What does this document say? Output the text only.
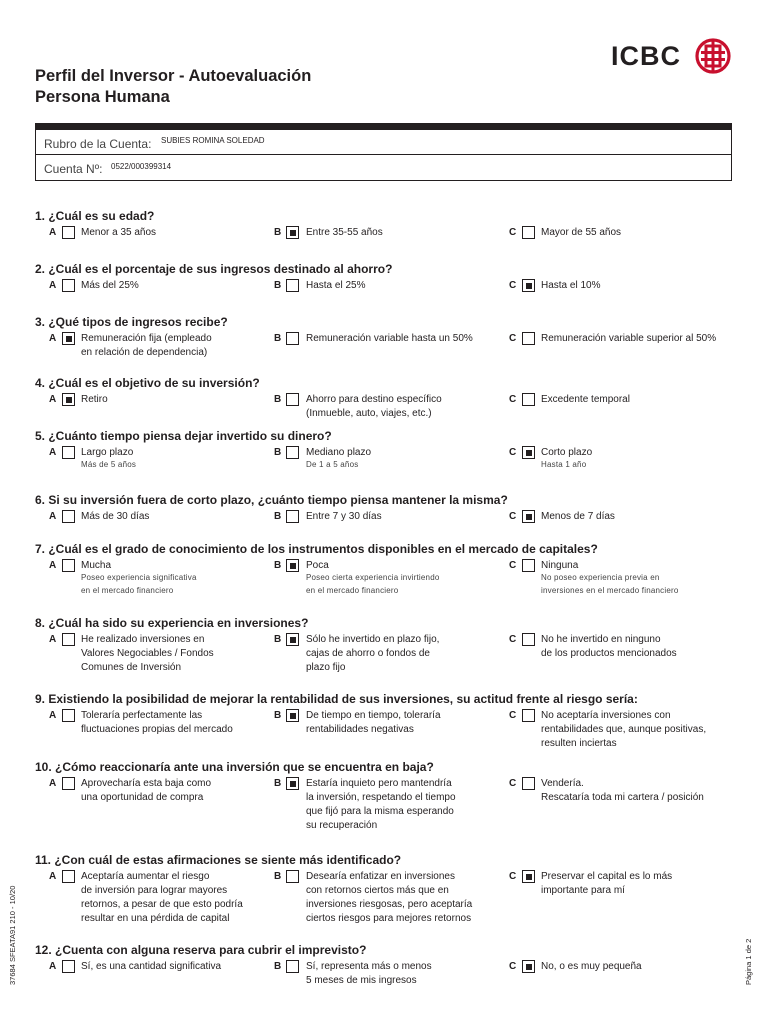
Perfil del Inversor - Autoevaluación
Persona Humana
ICBC
Rubro de la Cuenta: SUBIES ROMINA SOLEDAD
Cuenta Nº: 0522/000399314
1. ¿Cuál es su edad?
A Menor a 35 años	B Entre 35-55 años	C Mayor de 55 años
2. ¿Cuál es el porcentaje de sus ingresos destinado al ahorro?
A Más del 25%	B Hasta el 25%	C Hasta el 10%
3. ¿Qué tipos de ingresos recibe?
A Remuneración fija (empleado
en relación de dependencia)
B Remuneración variable hasta un 50%	C Remuneración variable superior al 50%
4. ¿Cuál es el objetivo de su inversión?
A Retiro	B Ahorro para destino específico
(Inmueble, auto, viajes, etc.)
C Excedente temporal
5. ¿Cuánto tiempo piensa dejar invertido su dinero?
A Largo plazo
Más de 5 años
B Mediano plazo
De 1 a 5 años
C Corto plazo
Hasta 1 año
6. Si su inversión fuera de corto plazo, ¿cuánto tiempo piensa mantener la misma?
A Más de 30 días	B Entre 7 y 30 días	C Menos de 7 días
7. ¿Cuál es el grado de conocimiento de los instrumentos disponibles en el mercado de capitales?
A Mucha
Poseo experiencia significativa
en el mercado financiero
B Poca
Poseo cierta experiencia invirtiendo
en el mercado financiero
C Ninguna
No poseo experiencia previa en
inversiones en el mercado financiero
8. ¿Cuál ha sido su experiencia en inversiones?
A He realizado inversiones en
Valores Negociables / Fondos
Comunes de Inversión
B Sólo he invertido en plazo fijo,
cajas de ahorro o fondos de
plazo fijo
C No he invertido en ninguno
de los productos mencionados
9. Existiendo la posibilidad de mejorar la rentabilidad de sus inversiones, su actitud frente al riesgo sería:
A Toleraría perfectamente las
fluctuaciones propias del mercado
B De tiempo en tiempo, toleraría
rentabilidades negativas
C No aceptaría inversiones con
rentabilidades que, aunque positivas,
resulten inciertas
10. ¿Cómo reaccionaría ante una inversión que se encuentra en baja?
A Aprovecharía esta baja como
una oportunidad de compra
B Estaría inquieto pero mantendría
la inversión, respetando el tiempo
que fijó para la misma esperando
su recuperación
C Vendería.
Rescataría toda mi cartera / posición
11. ¿Con cuál de estas afirmaciones se siente más identificado?
A Aceptaría aumentar el riesgo
de inversión para lograr mayores
retornos, a pesar de que esto podría
resultar en una pérdida de capital
B Desearía enfatizar en inversiones
con retornos ciertos más que en
inversiones riesgosas, pero aceptaría
ciertos riesgos para mejores retornos
C Preservar el capital es lo más
importante para mí
12. ¿Cuenta con alguna reserva para cubrir el imprevisto?
A Sí, es una cantidad significativa	B Sí, representa más o menos
5 meses de mis ingresos
C No, o es muy pequeña
37684 SFEATA91 210 - 10/20	Página 1 de 2
